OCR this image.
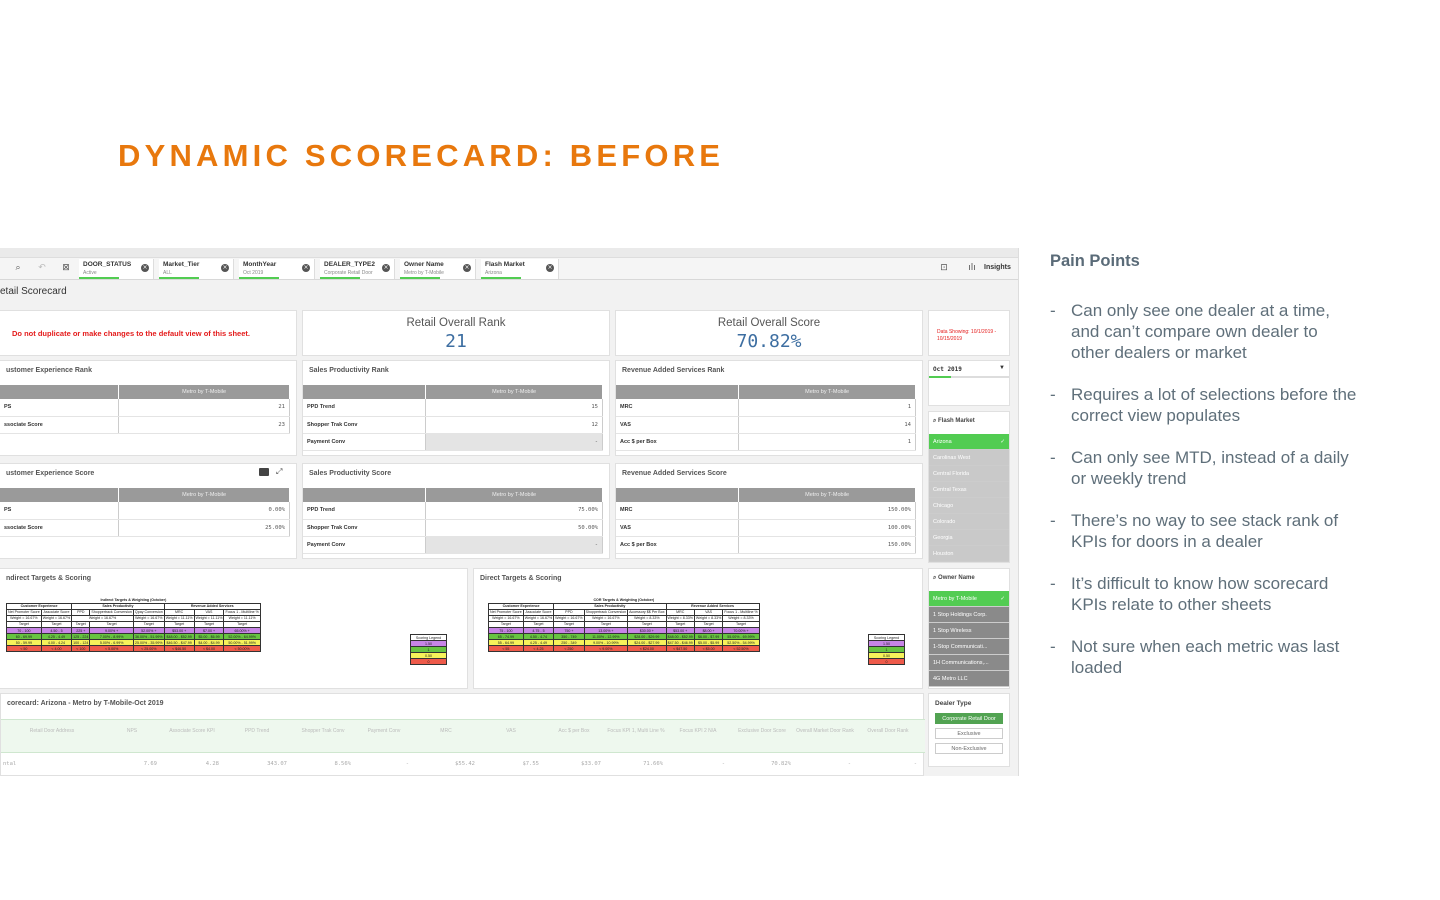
DYNAMIC SCORECARD: BEFORE
⌕	↶ ⊠	DOOR_STATUS
Active
× Market_Tier
ALL
× MonthYear
Oct 2019
× DEALER_TYPE2
Corporate Retail Door
× Owner Name
Metro by T-Mobile
× Flash Market
Arizona
×	⊡ ılı	Insights
etail Scorecard
Do not duplicate or make changes to the default view of this sheet.
Retail Overall Rank
21
Retail Overall Score
70.82%	Data Showing: 10/1/2019 - 10/15/2019
ustomer Experience Rank
	Metro by T-Mobile
PS	21
ssociate Score	23
Sales Productivity Rank
	Metro by T-Mobile
PPD Trend	15
Shopper Trak Conv	12
Payment Conv	-
Revenue Added Services Rank
	Metro by T-Mobile
MRC	1
VAS	14
Acc $ per Box	1
ustomer Experience Score
	Metro by T-Mobile
PS	0.00%
ssociate Score	25.00%
Sales Productivity Score
	Metro by T-Mobile
PPD Trend	75.00%
Shopper Trak Conv	50.00%
Payment Conv	-
Revenue Added Services Score
	Metro by T-Mobile
MRC	150.00%
VAS	100.00%
Acc $ per Box	150.00%
⤢
Oct 2019	▼
⌕ Flash Market
Arizona	✓
Carolinas West
Central Florida
Central Texas
Chicago
Colorado
Georgia
Houston
ndirect Targets & Scoring
Indirect Targets & Weighting (October)							
Customer Experience		Sales Productivity			Revenue Added Services		
Net Promoter Score	Associate Score	PPD	Shoppertrack Conversion	Qpay Conversion	MRC	VAS	Focus 1 - Multiline %
Weight = 16.67%	Weight = 16.67%	Weight = 16.67%		Weight = 16.67%	Weight = 11.11%	Weight = 11.11%	Weight = 11.11%
Target	Target	Target	Target	Target	Target	Target	Target
70 - 100	4.50 - 5	225 +	9.00% +	52.00% +	$53.00 +	$7.00 +	65.00% +
60 - 69.99	4.25 - 4.49	125 - 224	7.00% - 8.99%	36.00% - 51.99%	$48.00 - $52.99	$5.00 - $6.99	52.00% - 64.99%
50 - 59.99	4.00 - 4.24	100 - 124	5.00% - 6.99%	25.00% - 35.99%	$46.50 - $47.99	$4.00 - $4.99	50.00% - 51.99%
< 50	< 4.00	< 100	< 5.00%	< 25.00%	< $46.50	< $4.00	< 50.00%
Scoring Legend
1.50
1
0.50
0
Direct Targets & Scoring
COR Targets & Weighting (October)							
Customer Experience		Sales Productivity			Revenue Added Services		
Net Promoter Score	Associate Score	PPD	Shoppertrack Conversion	Accessory $$ Per Box	MRC	VAS	Focus 1 - Multiline %
Weight = 16.67%	Weight = 16.67%	Weight = 16.67%	Weight = 16.67%	Weight = 8.33%	Weight = 8.33%	Weight = 8.33%	Weight = 8.33%
Target	Target	Target	Target	Target	Target	Target	Target
75 - 100	4.75 - 5	750 +	13.00% +	$30.00 +	$53.00 +	$8.00 +	70.00% +
65 - 74.99	4.50 - 4.74	350 - 749	11.00% - 12.99%	$28.00 - $29.99	$48.00 - $52.99	$6.00 - $7.99	55.00% - 69.99%
55 - 64.99	4.25 - 4.49	250 - 349	9.00% - 10.99%	$24.00 - $27.99	$47.50 - $46.99	$5.00 - $5.99	52.50% - 54.99%
< 55	< 4.25	< 250	< 9.00%	< $24.00	< $47.50	< $5.00	< 52.50%
Scoring Legend
1.50
1
0.50
0
⌕ Owner Name
Metro by T-Mobile	✓
1 Stop Holdings Corp.
1 Stop Wireless
1-Stop Communicati...
1H Communications,...
4G Metro LLC
corecard: Arizona - Metro by T-Mobile-Oct 2019
Retail Door Address	NPS	Associate Score KPI	PPD Trend	Shopper Trak Conv	Payment Conv	MRC	VAS	Acc $ per Box	Focus KPI 1, Multi Line %	Focus KPI 2 N/A	Exclusive Door Score	Overall Market Door Rank	Overall Door Rank
ntal	7.69	4.28	343.07	8.56%	-	$55.42	$7.55	$33.07	71.66%	-	70.82%	-	-
Dealer Type
Corporate Retail Door
Exclusive
Non-Exclusive
Pain Points
- Can only see one dealer at a time, and can’t compare own dealer to other dealers or market
- Requires a lot of selections before the correct view populates
- Can only see MTD, instead of a daily or weekly trend
- There’s no way to see stack rank of KPIs for doors in a dealer
- It’s difficult to know how scorecard KPIs relate to other sheets
- Not sure when each metric was last loaded
